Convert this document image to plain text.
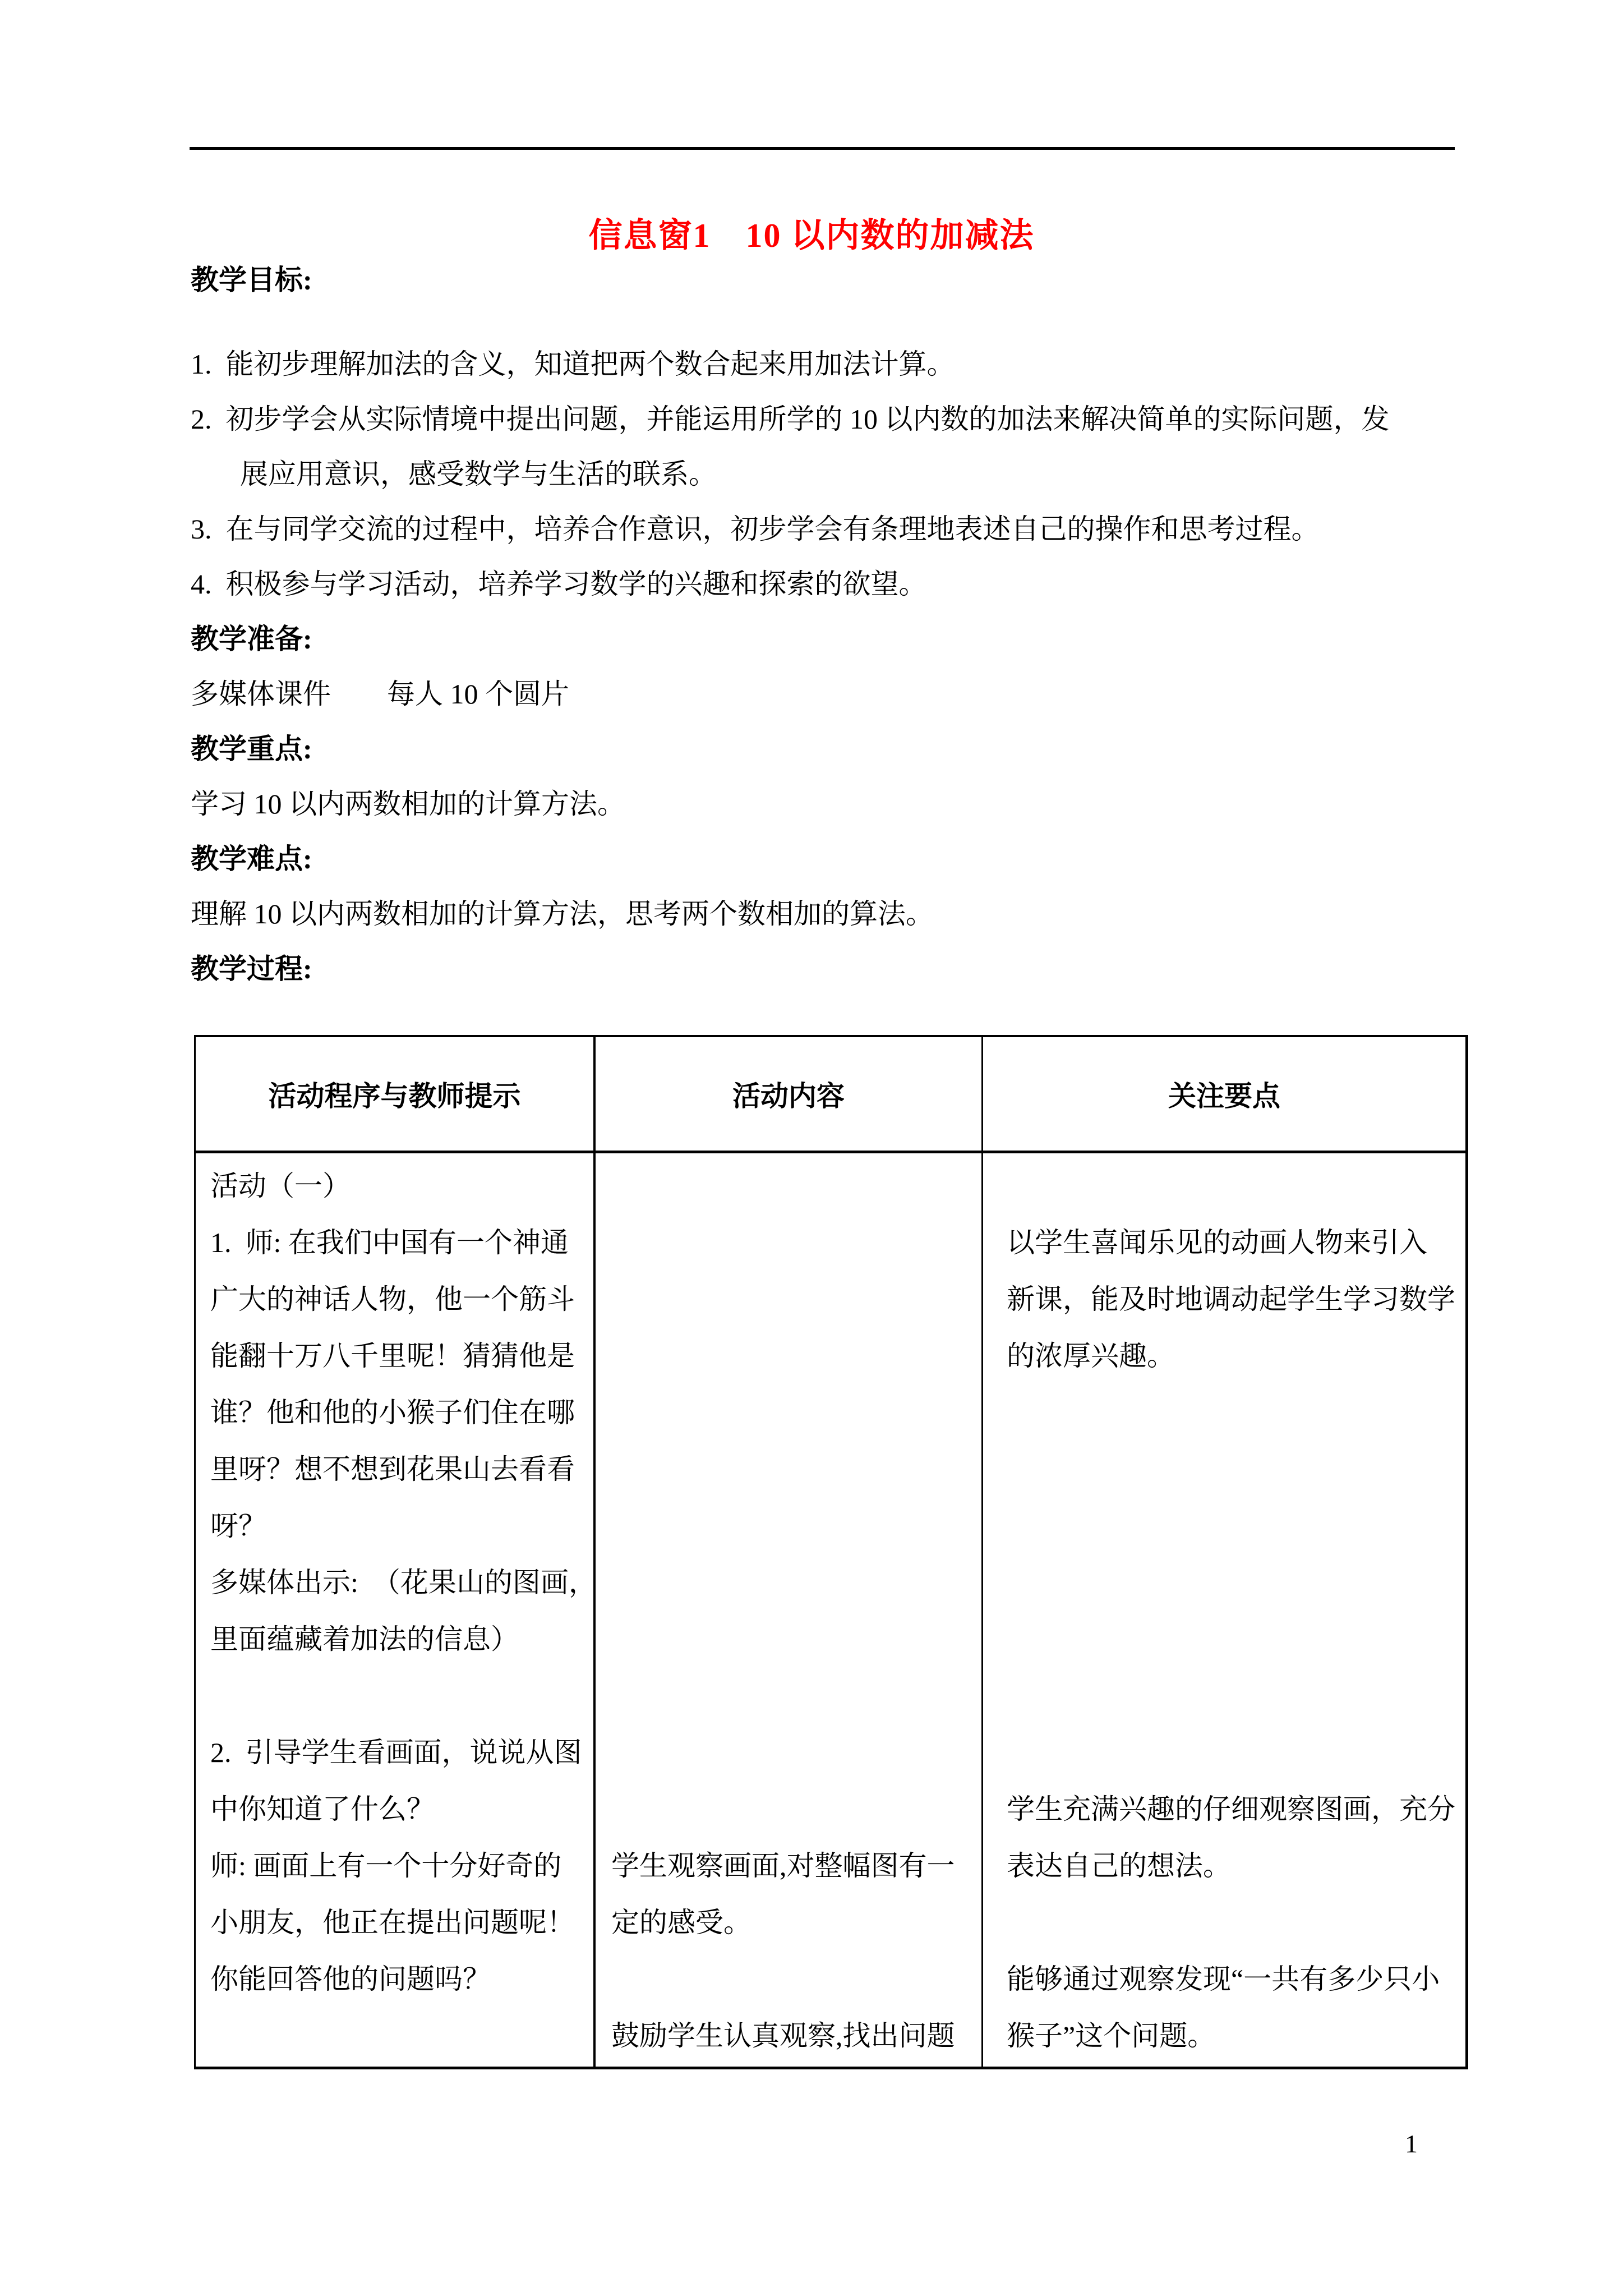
信息窗1　10 以内数的加减法
教学目标:
1.  能初步理解加法的含义，知道把两个数合起来用加法计算。
2.  初步学会从实际情境中提出问题，并能运用所学的 10 以内数的加法来解决简单的实际问题，发
展应用意识，感受数学与生活的联系。
3.  在与同学交流的过程中，培养合作意识，初步学会有条理地表述自己的操作和思考过程。
4.  积极参与学习活动，培养学习数学的兴趣和探索的欲望。
教学准备:
多媒体课件　　每人 10 个圆片
教学重点:
学习 10 以内两数相加的计算方法。
教学难点:
理解 10 以内两数相加的计算方法，思考两个数相加的算法。
教学过程:
活动程序与教师提示	活动内容	关注要点
活动（一）
1.  师: 在我们中国有一个神通
广大的神话人物，他一个筋斗
能翻十万八千里呢！猜猜他是
谁？他和他的小猴子们住在哪
里呀？想不想到花果山去看看
呀？
多媒体出示:  （花果山的图画，
里面蕴藏着加法的信息）
2.  引导学生看画面，说说从图
中你知道了什么？
师: 画面上有一个十分好奇的
小朋友，他正在提出问题呢！
你能回答他的问题吗？
学生观察画面,对整幅图有一
定的感受。
鼓励学生认真观察,找出问题
以学生喜闻乐见的动画人物来引入
新课，能及时地调动起学生学习数学
的浓厚兴趣。
学生充满兴趣的仔细观察图画，充分
表达自己的想法。
能够通过观察发现“一共有多少只小
猴子”这个问题。
1
